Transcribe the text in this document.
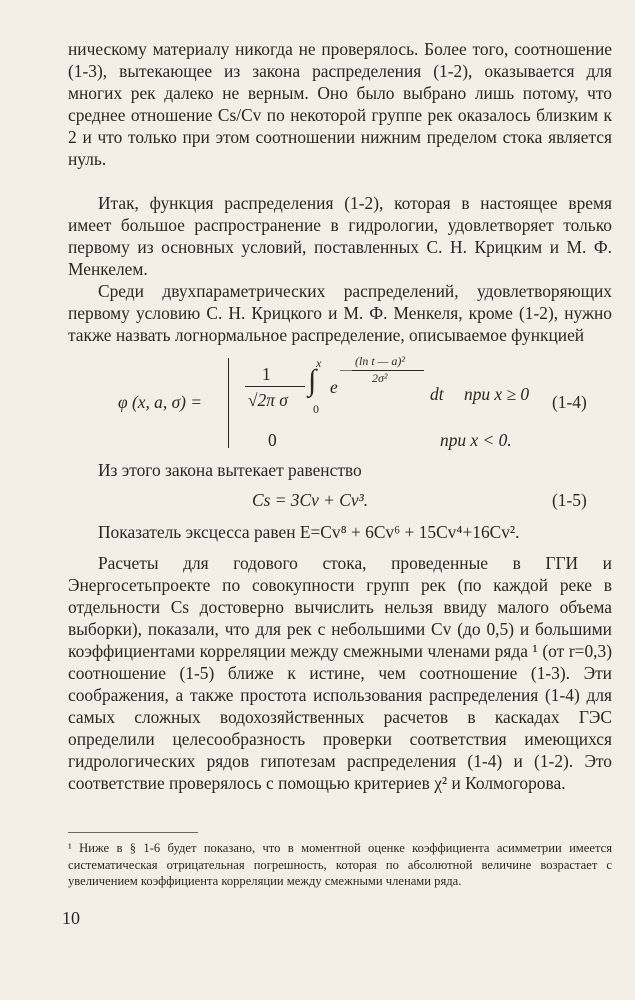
ническому материалу никогда не проверялось. Более того, соотношение (1-3), вытекающее из закона распределения (1-2), оказывается для многих рек далеко не верным. Оно было выбрано лишь потому, что среднее отношение Cs/Cv по некоторой группе рек оказалось близким к 2 и что только при этом соотношении нижним пределом стока является нуль.

Итак, функция распределения (1-2), которая в настоящее время имеет большое распространение в гидрологии, удовлетворяет только первому из основных условий, поставленных С. Н. Крицким и М. Ф. Менкелем.

Среди двухпараметрических распределений, удовлетворяющих первому условию С. Н. Крицкого и М. Ф. Менкеля, кроме (1-2), нужно также назвать логнормальное распределение, описываемое функцией

φ (x, a, σ) =
1
√2π σ
x
∫
0
e
—
(ln t — a)²
2σ²
dt при x ≥ 0
0	при x < 0.
(1-4)
Из этого закона вытекает равенство
Cs = 3Cv + Cv³.	(1-5)
Показатель эксцесса равен E=Cv⁸ + 6Cv⁶ + 15Cv⁴+16Cv².

Расчеты для годового стока, проведенные в ГГИ и Энергосетьпроекте по совокупности групп рек (по каждой реке в отдельности Cs достоверно вычислить нельзя ввиду малого объема выборки), показали, что для рек с небольшими Cv (до 0,5) и большими коэффициентами корреляции между смежными членами ряда ¹ (от r=0,3) соотношение (1-5) ближе к истине, чем соотношение (1-3). Эти соображения, а также простота использования распределения (1-4) для самых сложных водохозяйственных расчетов в каскадах ГЭС определили целесообразность проверки соответствия имеющихся гидрологических рядов гипотезам распределения (1-4) и (1-2). Это соответствие проверялось с помощью критериев χ² и Колмогорова.

¹ Ниже в § 1-6 будет показано, что в моментной оценке коэффициента асимметрии имеется систематическая отрицательная погрешность, которая по абсолютной величине возрастает с увеличением коэффициента корреляции между смежными членами ряда.

10
